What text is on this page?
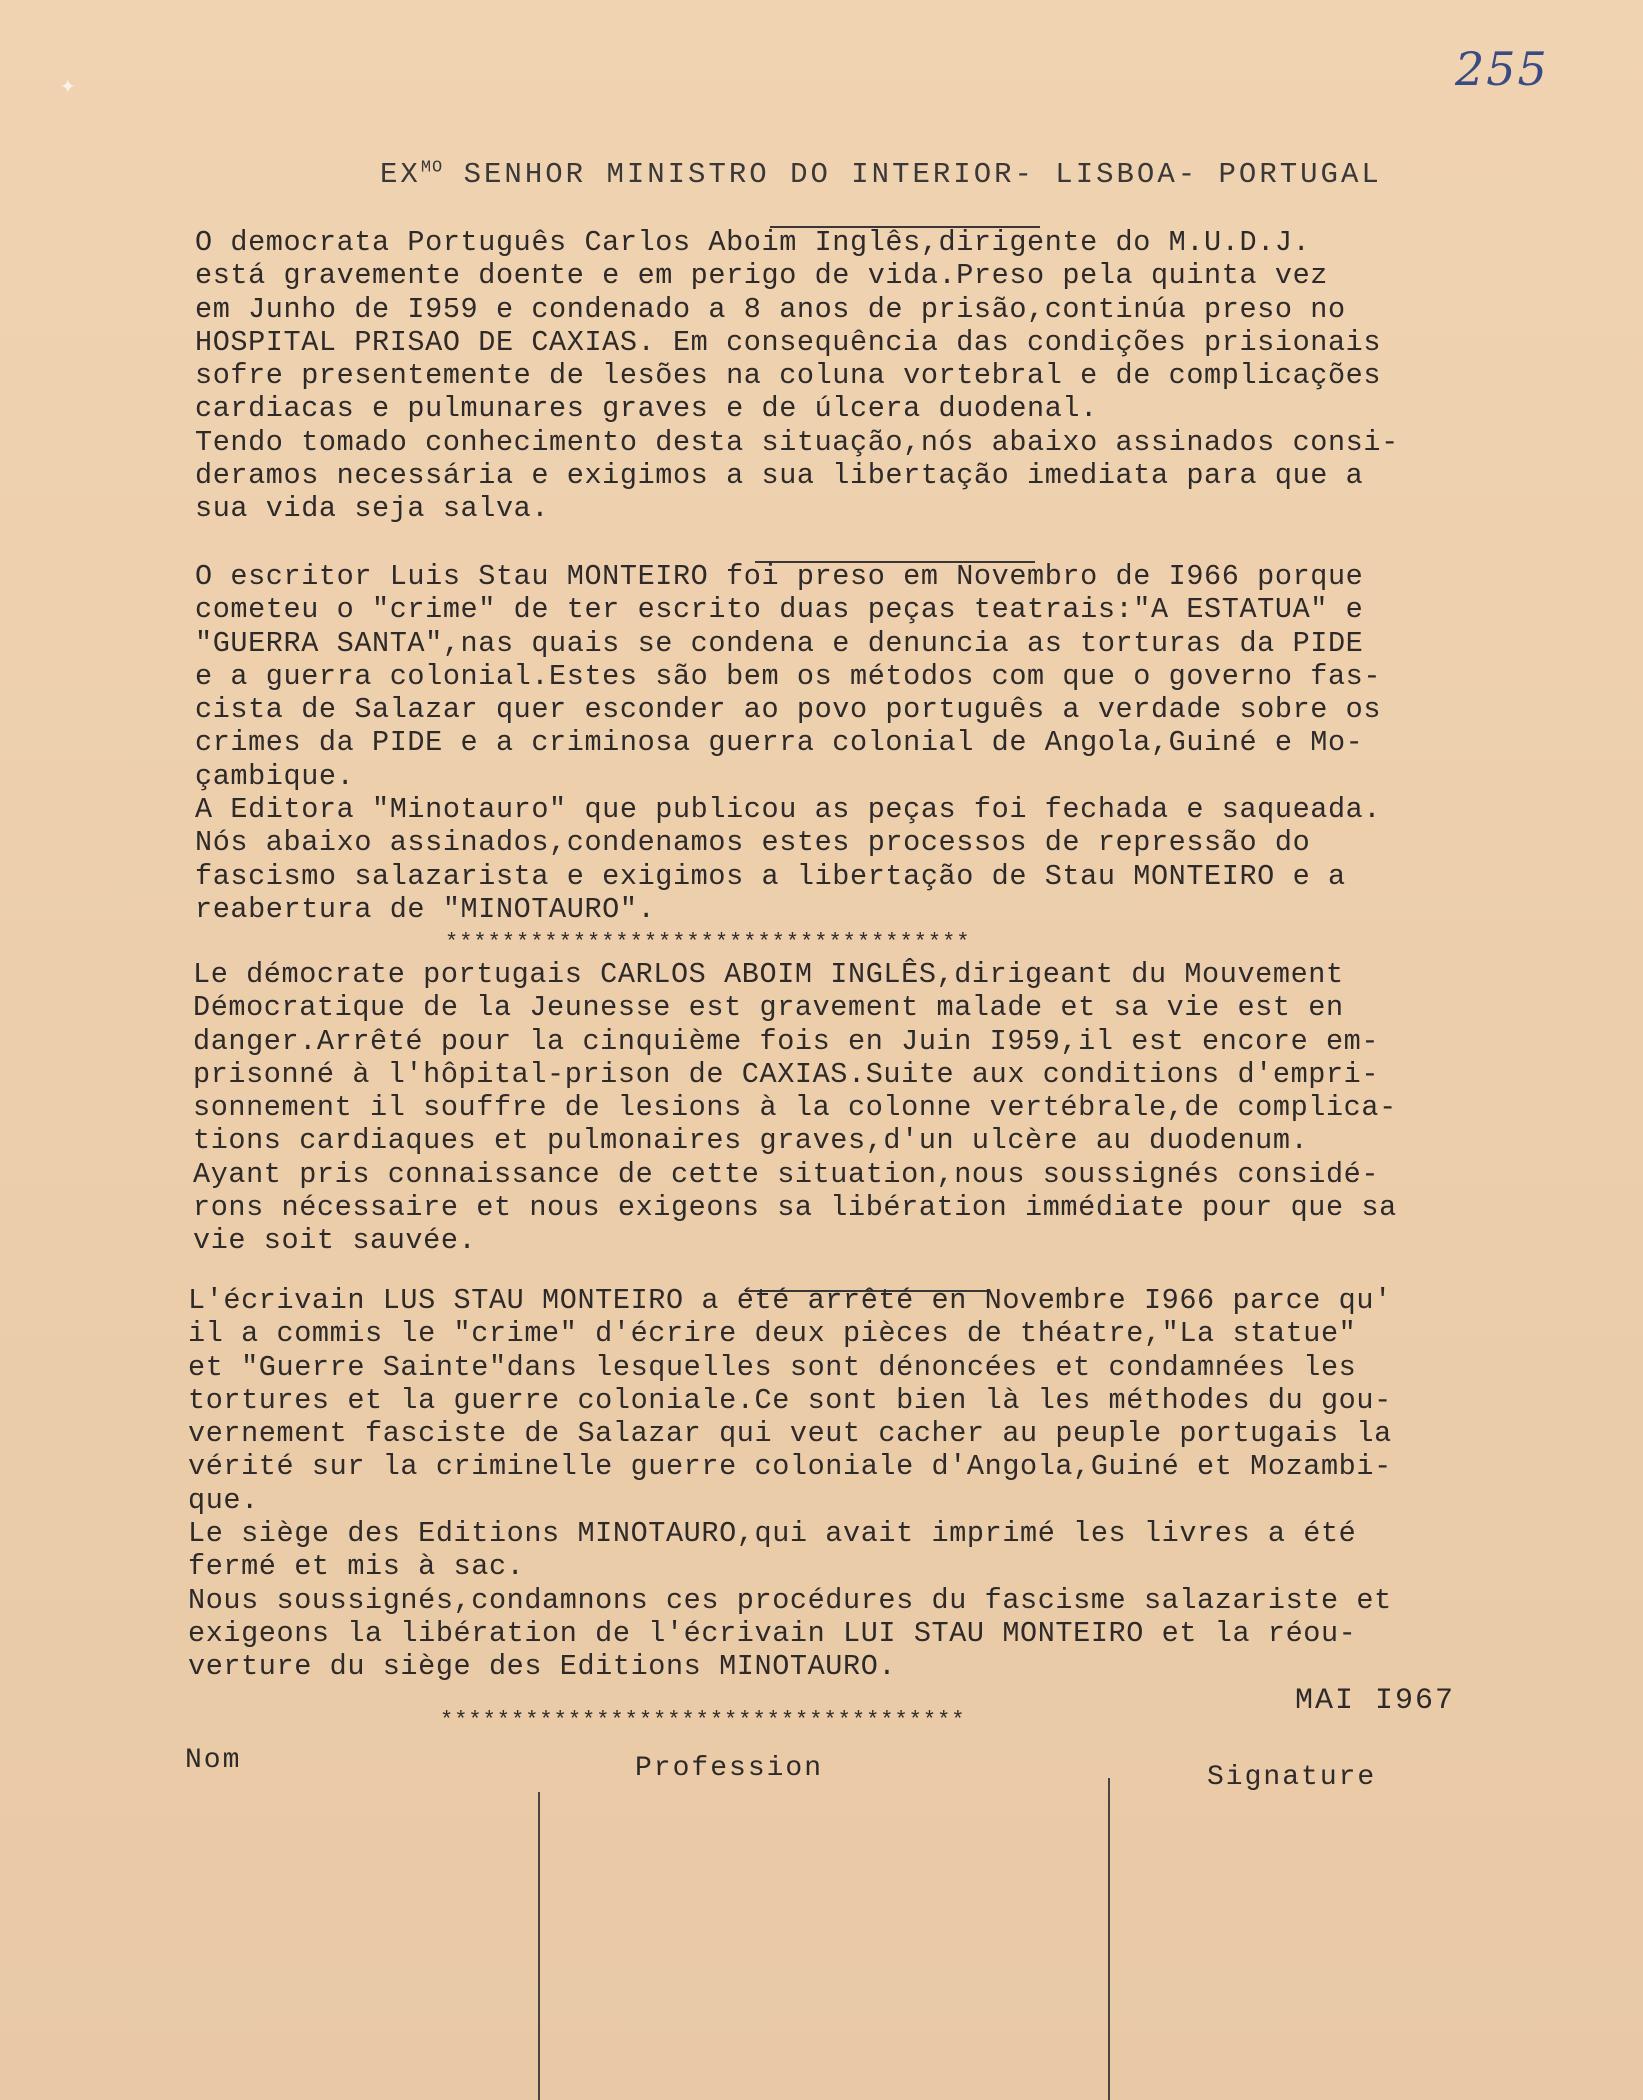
✦	255
$EX^{MO}$ SENHOR MINISTRO DO INTERIOR- LISBOA- PORTUGAL
O democrata Português Carlos Aboim Inglês,dirigente do M.U.D.J.
está gravemente doente e em perigo de vida.Preso pela quinta vez
em Junho de I959 e condenado a 8 anos de prisão,continúa preso no
HOSPITAL PRISAO DE CAXIAS. Em consequência das condições prisionais
sofre presentemente de lesões na coluna vortebral e de complicações
cardiacas e pulmunares graves e de úlcera duodenal.
Tendo tomado conhecimento desta situação,nós abaixo assinados consi-
deramos necessária e exigimos a sua libertação imediata para que a
sua vida seja salva.
O escritor Luis Stau MONTEIRO foi preso em Novembro de I966 porque
cometeu o "crime" de ter escrito duas peças teatrais:"A ESTATUA" e
"GUERRA SANTA",nas quais se condena e denuncia as torturas da PIDE
e a guerra colonial.Estes são bem os métodos com que o governo fas-
cista de Salazar quer esconder ao povo português a verdade sobre os
crimes da PIDE e a criminosa guerra colonial de Angola,Guiné e Mo-
çambique.
A Editora "Minotauro" que publicou as peças foi fechada e saqueada.
Nós abaixo assinados,condenamos estes processos de repressão do
fascismo salazarista e exigimos a libertação de Stau MONTEIRO e a
reabertura de "MINOTAURO".
*************************************
Le démocrate portugais CARLOS ABOIM INGLÊS,dirigeant du Mouvement
Démocratique de la Jeunesse est gravement malade et sa vie est en
danger.Arrêté pour la cinquième fois en Juin I959,il est encore em-
prisonné à l'hôpital-prison de CAXIAS.Suite aux conditions d'empri-
sonnement il souffre de lesions à la colonne vertébrale,de complica-
tions cardiaques et pulmonaires graves,d'un ulcère au duodenum.
Ayant pris connaissance de cette situation,nous soussignés considé-
rons nécessaire et nous exigeons sa libération immédiate pour que sa
vie soit sauvée.
L'écrivain LUS STAU MONTEIRO a été arrêté en Novembre I966 parce qu'
il a commis le "crime" d'écrire deux pièces de théatre,"La statue"
et "Guerre Sainte"dans lesquelles sont dénoncées et condamnées les
tortures et la guerre coloniale.Ce sont bien là les méthodes du gou-
vernement fasciste de Salazar qui veut cacher au peuple portugais la
vérité sur la criminelle guerre coloniale d'Angola,Guiné et Mozambi-
que.
Le siège des Editions MINOTAURO,qui avait imprimé les livres a été
fermé et mis à sac.
Nous soussignés,condamnons ces procédures du fascisme salazariste et
exigeons la libération de l'écrivain LUI STAU MONTEIRO et la réou-
verture du siège des Editions MINOTAURO.
MAI I967
*************************************
Nom	Profession	Signature
